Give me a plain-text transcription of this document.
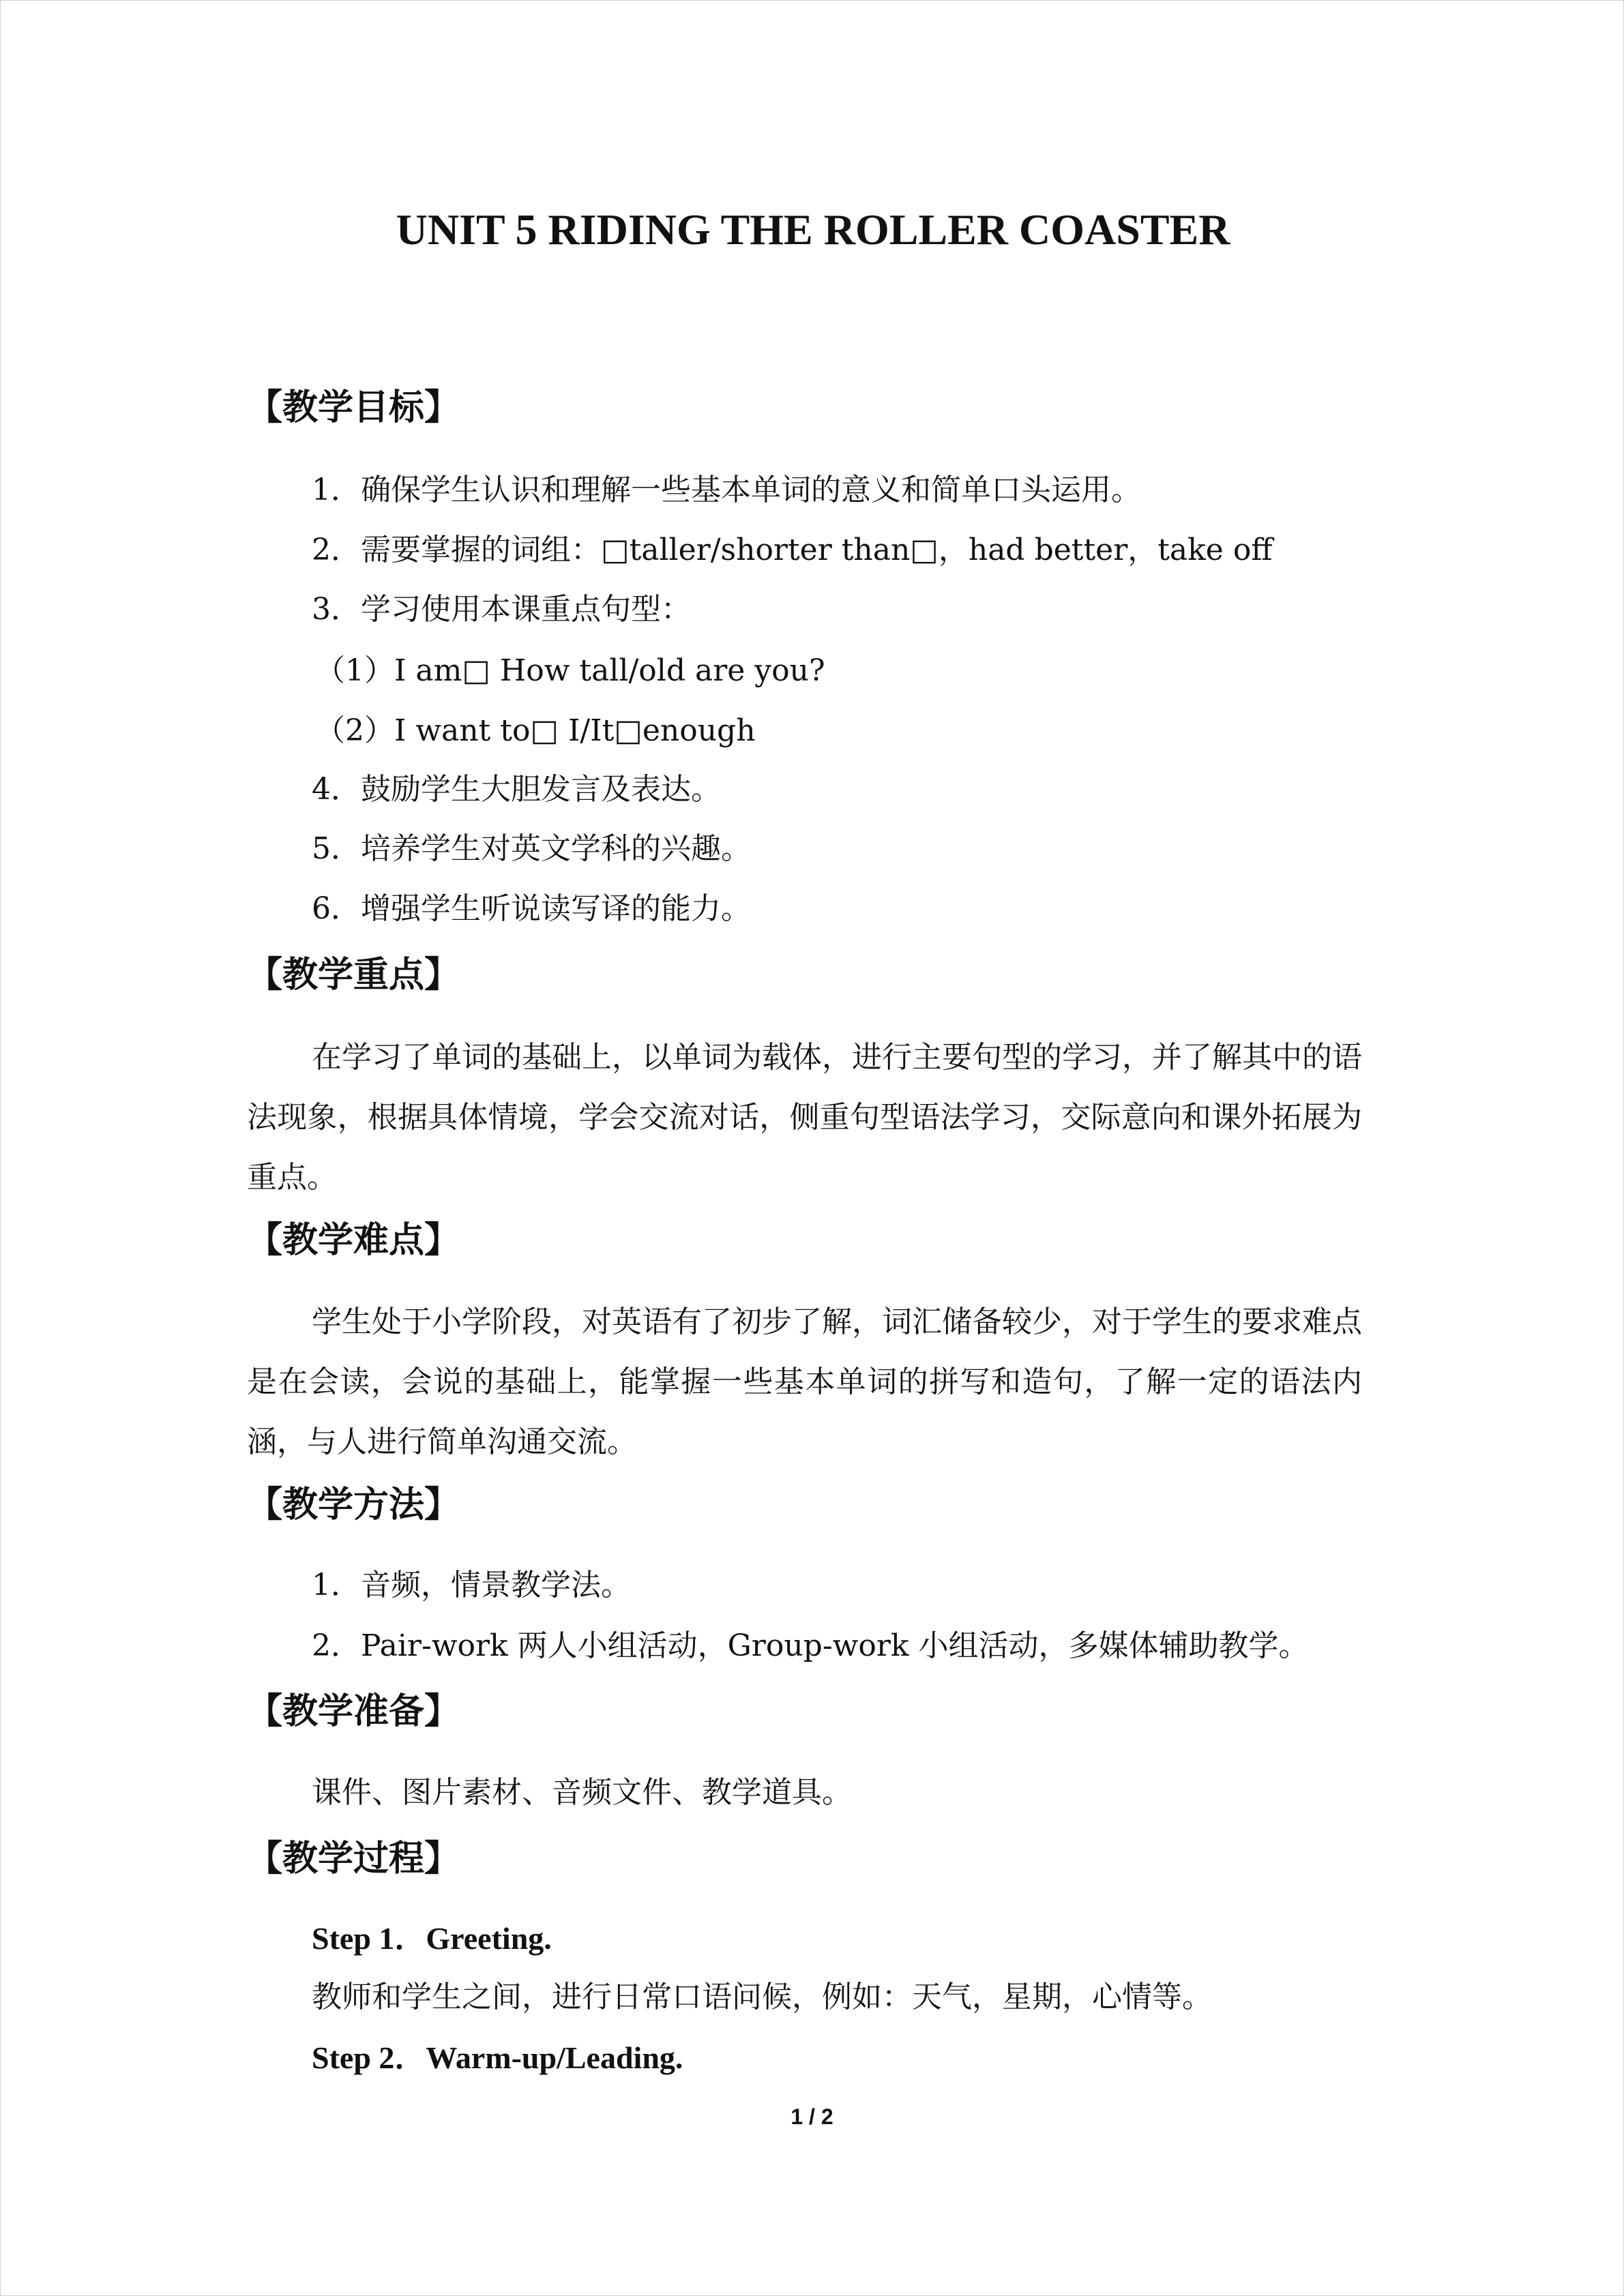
UNIT 5 RIDING THE ROLLER COASTER
【教学目标】
1．确保学生认识和理解一些基本单词的意义和简单口头运用。
2．需要掌握的词组：□taller/shorter than□，had better，take off
3．学习使用本课重点句型：
（1）I am□ How tall/old are you?
（2）I want to□ I/It□enough
4．鼓励学生大胆发言及表达。
5．培养学生对英文学科的兴趣。
6．增强学生听说读写译的能力。
【教学重点】
在学习了单词的基础上，以单词为载体，进行主要句型的学习，并了解其中的语法现象，根据具体情境，学会交流对话，侧重句型语法学习，交际意向和课外拓展为重点。
【教学难点】
学生处于小学阶段，对英语有了初步了解，词汇储备较少，对于学生的要求难点是在会读，会说的基础上，能掌握一些基本单词的拼写和造句，了解一定的语法内涵，与人进行简单沟通交流。
【教学方法】
1．音频，情景教学法。
2．Pair-work 两人小组活动，Group-work 小组活动，多媒体辅助教学。
【教学准备】
课件、图片素材、音频文件、教学道具。
【教学过程】
Step 1．Greeting.
教师和学生之间，进行日常口语问候，例如：天气，星期，心情等。
Step 2．Warm-up/Leading.
1 / 2
